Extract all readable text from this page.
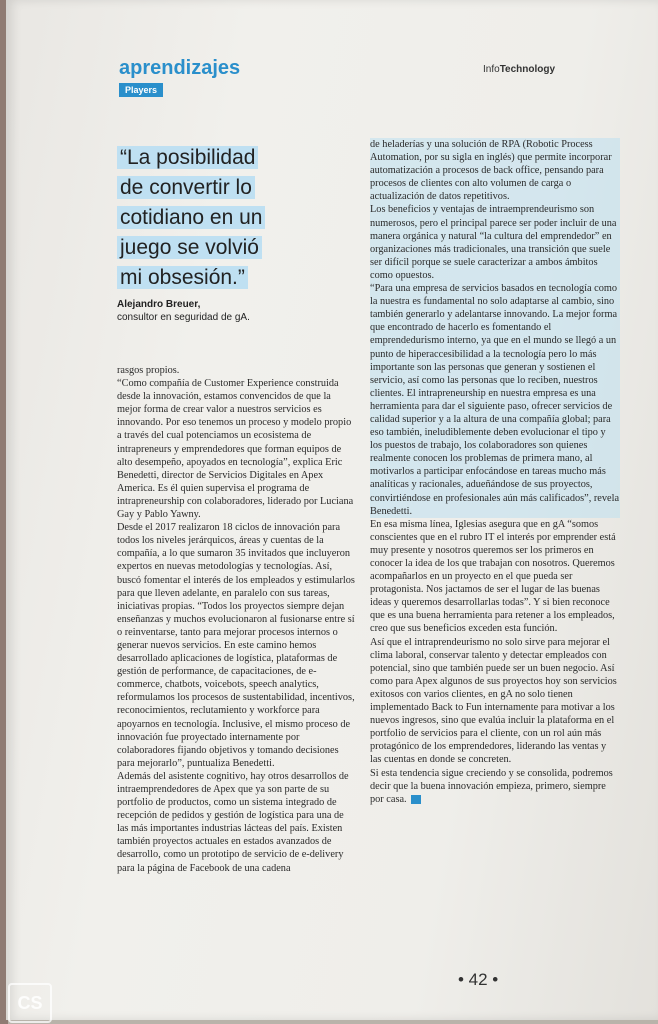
aprendizajes
Players
InfoTechnology
“La posibilidad
de convertir lo
cotidiano en un
juego se volvió
mi obsesión.”
Alejandro Breuer,
consultor en seguridad de gA.

rasgos propios.

“Como compañía de Customer Experience construida desde la innovación, estamos convencidos de que la mejor forma de crear valor a nuestros servicios es innovando. Por eso tenemos un proceso y modelo propio a través del cual potenciamos un ecosistema de intrapreneurs y emprendedores que forman equipos de alto desempeño, apoyados en tecnología”, explica Eric Benedetti, director de Servicios Digitales en Apex America. Es él quien supervisa el programa de intrapreneurship con colaboradores, liderado por Luciana Gay y Pablo Yawny.

Desde el 2017 realizaron 18 ciclos de innovación para todos los niveles jerárquicos, áreas y cuentas de la compañía, a lo que sumaron 35 invitados que incluyeron expertos en nuevas metodologías y tecnologías. Así, buscó fomentar el interés de los empleados y estimularlos para que lleven adelante, en paralelo con sus tareas, iniciativas propias. “Todos los proyectos siempre dejan enseñanzas y muchos evolucionaron al fusionarse entre sí o reinventarse, tanto para mejorar procesos internos o generar nuevos servicios. En este camino hemos desarrollado aplicaciones de logística, plataformas de gestión de performance, de capacitaciones, de e-commerce, chatbots, voicebots, speech analytics, reformulamos los procesos de sustentabilidad, incentivos, reconocimientos, reclutamiento y workforce para apoyarnos en tecnología. Inclusive, el mismo proceso de innovación fue proyectado internamente por colaboradores fijando objetivos y tomando decisiones para mejorarlo”, puntualiza Benedetti.

Además del asistente cognitivo, hay otros desarrollos de intraemprendedores de Apex que ya son parte de su portfolio de productos, como un sistema integrado de recepción de pedidos y gestión de logística para una de las más importantes industrias lácteas del país. Existen también proyectos actuales en estados avanzados de desarrollo, como un prototipo de servicio de e-delivery para la página de Facebook de una cadena

de heladerías y una solución de RPA (Robotic Process Automation, por su sigla en inglés) que permite incorporar automatización a procesos de back office, pensando para procesos de clientes con alto volumen de carga o actualización de datos repetitivos.

Los beneficios y ventajas de intraemprendeurismo son numerosos, pero el principal parece ser poder incluir de una manera orgánica y natural “la cultura del emprendedor” en organizaciones más tradicionales, una transición que suele ser difícil porque se suele caracterizar a ambos ámbitos como opuestos.

“Para una empresa de servicios basados en tecnología como la nuestra es fundamental no solo adaptarse al cambio, sino también generarlo y adelantarse innovando. La mejor forma que encontrado de hacerlo es fomentando el emprendedurismo interno, ya que en el mundo se llegó a un punto de hiperaccesibilidad a la tecnología pero lo más importante son las personas que generan y sostienen el servicio, así como las personas que lo reciben, nuestros clientes. El intrapreneurship en nuestra empresa es una herramienta para dar el siguiente paso, ofrecer servicios de calidad superior y a la altura de una compañía global; para eso también, ineludiblemente deben evolucionar el tipo y los puestos de trabajo, los colaboradores son quienes realmente conocen los problemas de primera mano, al motivarlos a participar enfocándose en tareas mucho más analíticas y racionales, adueñándose de sus proyectos, convirtiéndose en profesionales aún más calificados”, revela Benedetti.

En esa misma línea, Iglesias asegura que en gA “somos conscientes que en el rubro IT el interés por emprender está muy presente y nosotros queremos ser los primeros en conocer la idea de los que trabajan con nosotros. Queremos acompañarlos en un proyecto en el que pueda ser protagonista. Nos jactamos de ser el lugar de las buenas ideas y queremos desarrollarlas todas”. Y si bien reconoce que es una buena herramienta para retener a los empleados, creo que sus beneficios exceden esta función.

Así que el intraprendeurismo no solo sirve para mejorar el clima laboral, conservar talento y detectar empleados con potencial, sino que también puede ser un buen negocio. Así como para Apex algunos de sus proyectos hoy son servicios exitosos con varios clientes, en gA no solo tienen implementado Back to Fun internamente para motivar a los nuevos ingresos, sino que evalúa incluir la plataforma en el portfolio de servicios para el cliente, con un rol aún más protagónico de los emprendedores, liderando las ventas y las cuentas en donde se concreten.

Si esta tendencia sigue creciendo y se consolida, podremos decir que la buena innovación empieza, primero, siempre por casa.

• 42 •
CS
